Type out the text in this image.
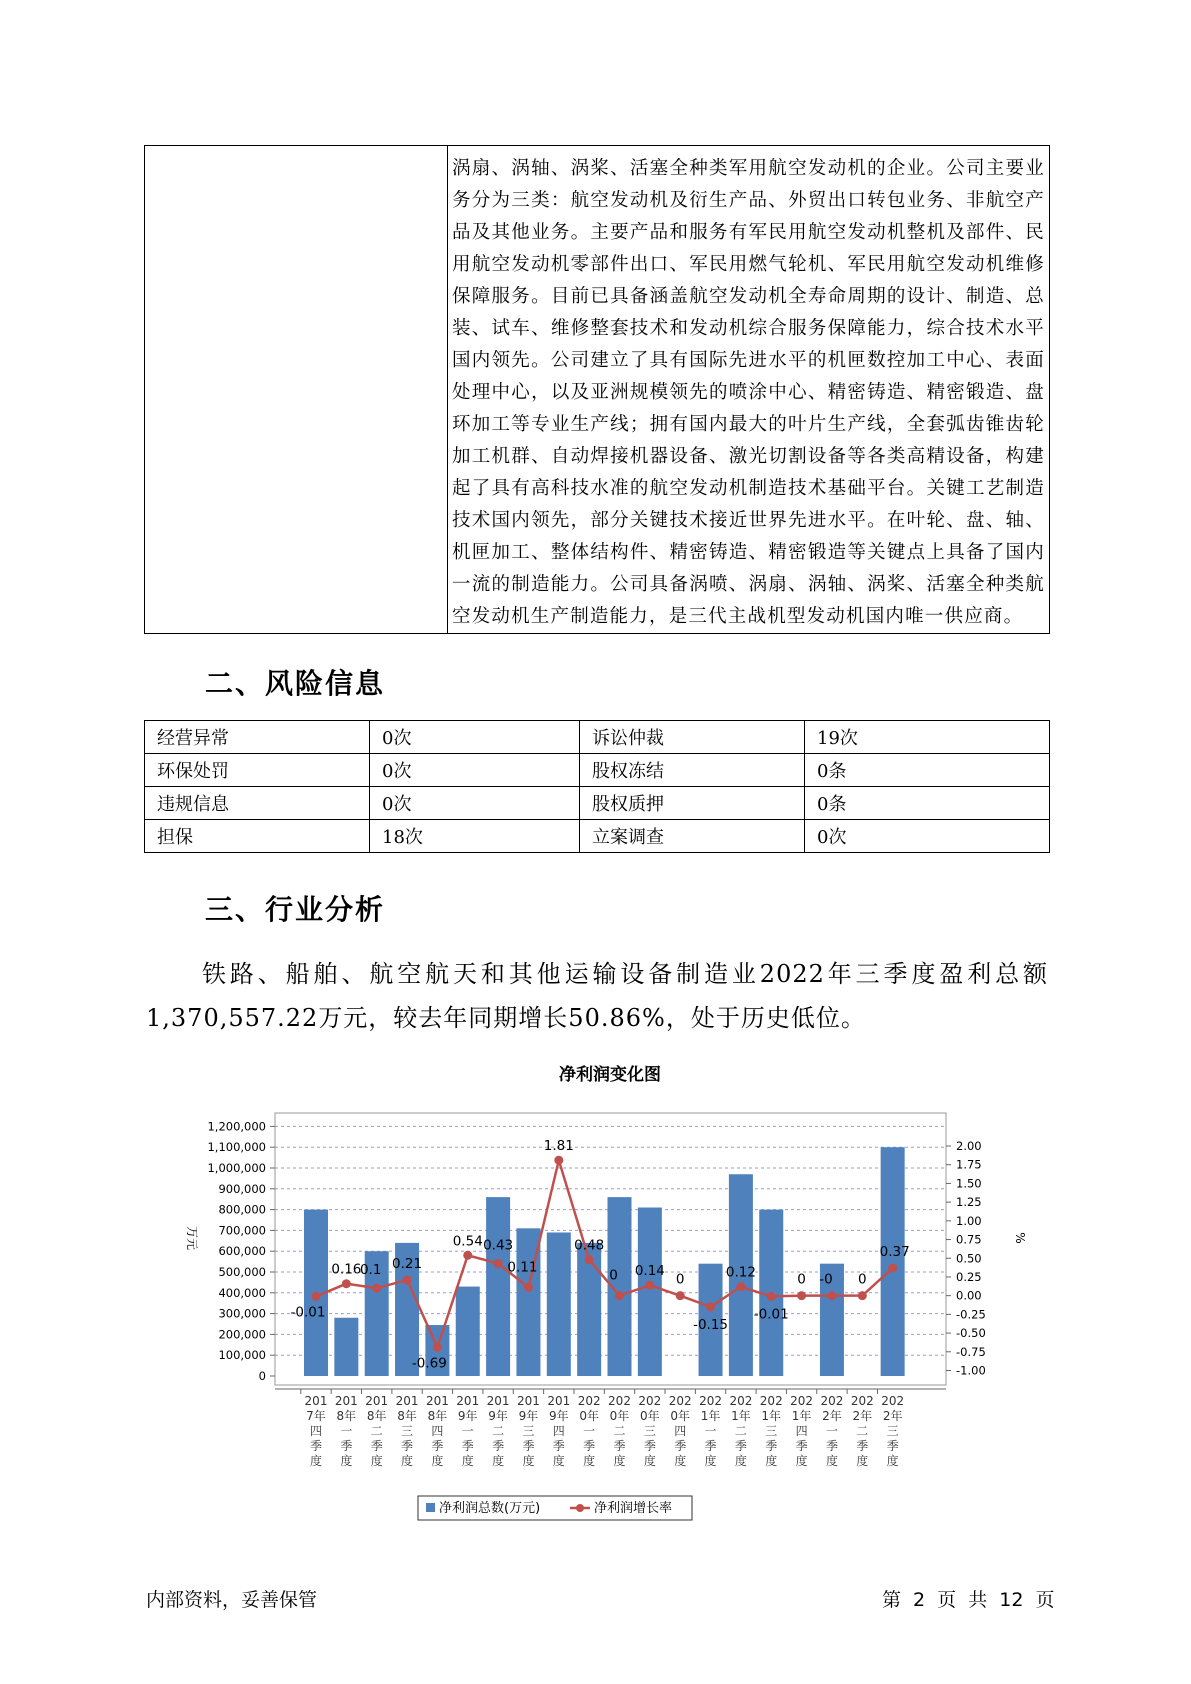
涡扇、涡轴、涡桨、活塞全种类军用航空发动机的企业。公司主要业务分为三类：航空发动机及衍生产品、外贸出口转包业务、非航空产品及其他业务。主要产品和服务有军民用航空发动机整机及部件、民用航空发动机零部件出口、军民用燃气轮机、军民用航空发动机维修保障服务。目前已具备涵盖航空发动机全寿命周期的设计、制造、总装、试车、维修整套技术和发动机综合服务保障能力，综合技术水平国内领先。公司建立了具有国际先进水平的机匣数控加工中心、表面处理中心，以及亚洲规模领先的喷涂中心、精密铸造、精密锻造、盘环加工等专业生产线；拥有国内最大的叶片生产线，全套弧齿锥齿轮加工机群、自动焊接机器设备、激光切割设备等各类高精设备，构建起了具有高科技水准的航空发动机制造技术基础平台。关键工艺制造技术国内领先，部分关键技术接近世界先进水平。在叶轮、盘、轴、机匣加工、整体结构件、精密铸造、精密锻造等关键点上具备了国内一流的制造能力。公司具备涡喷、涡扇、涡轴、涡桨、活塞全种类航空发动机生产制造能力，是三代主战机型发动机国内唯一供应商。
二、风险信息
经营异常	0次	诉讼仲裁	19次
环保处罚	0次	股权冻结	0条
违规信息	0次	股权质押	0条
担保	18次	立案调查	0次
三、行业分析
铁路、船舶、航空航天和其他运输设备制造业2022年三季度盈利总额1,370,557.22万元，较去年同期增长50.86%，处于历史低位。
净利润变化图
0
100,000
200,000
300,000
400,000
500,000
600,000
700,000
800,000
900,000
1,000,000
1,100,000
1,200,000
-1.00
-0.75
-0.50
-0.25
0.00
0.25
0.50
0.75
1.00
1.25
1.50
1.75
2.00
万元	%
-0.01
0.16
0.1 0.21
-0.69
0.54 0.43
0.11
1.81
0.48
0 0.14
0
-0.15
0.12
-0.01
0 -0 0
0.37
201 7年四季度
201 8年一季度
201 8年二季度
201 8年三季度
201 8年四季度
201 9年一季度
201 9年二季度
201 9年三季度
201 9年四季度
202 0年一季度
202 0年二季度
202 0年三季度
202 0年四季度
202 1年一季度
202 1年二季度
202 1年三季度
202 1年四季度
202 2年一季度
202 2年二季度
202 2年三季度
净利润总数(万元)	净利润增长率
内部资料，妥善保管	第 2 页 共 12 页
